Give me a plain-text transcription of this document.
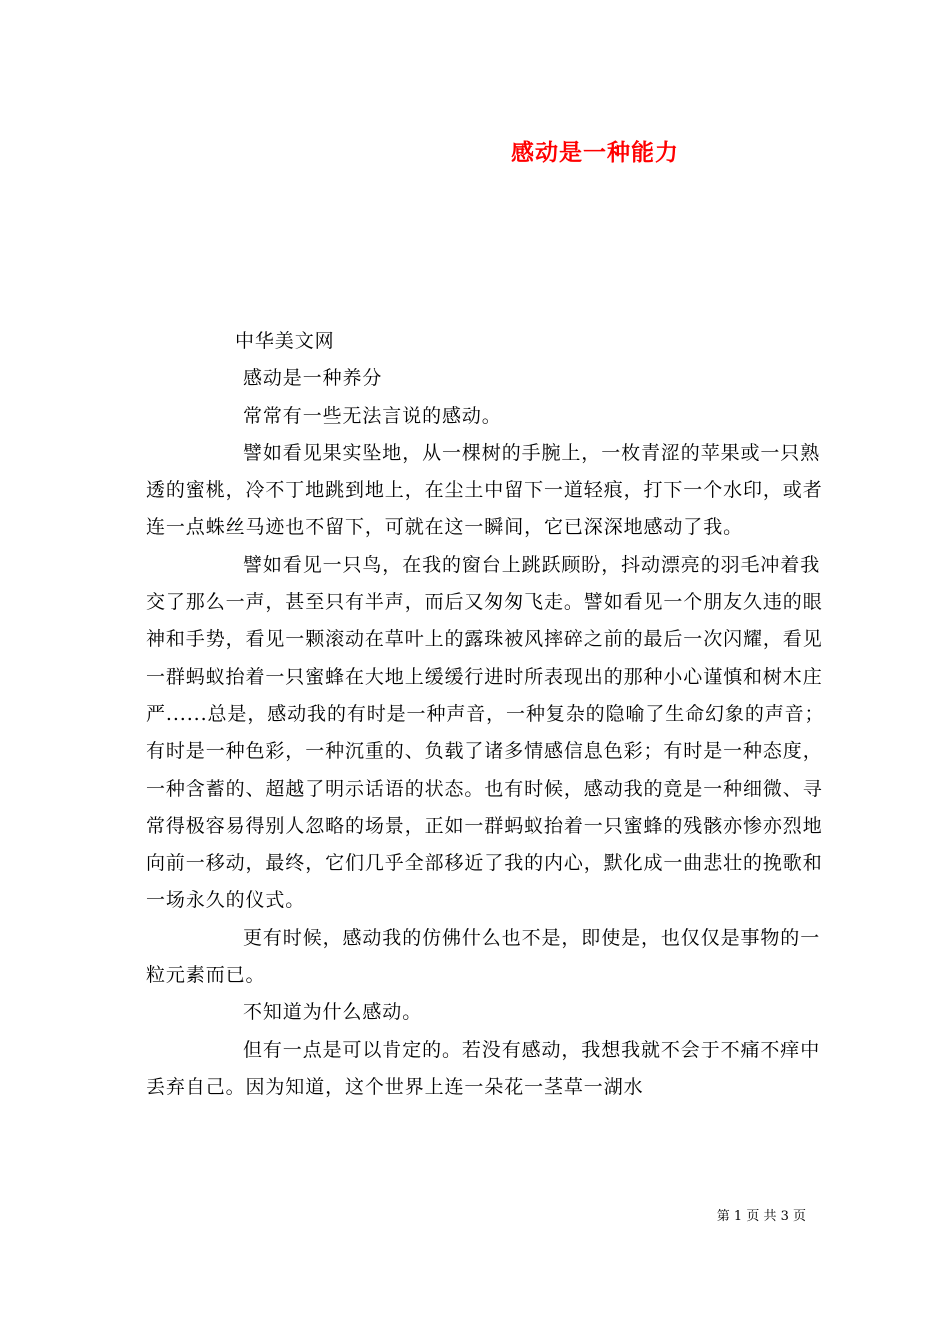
感动是一种能力

中华美文网

感动是一种养分

常常有一些无法言说的感动。

譬如看见果实坠地，从一棵树的手腕上，一枚青涩的苹果或一只熟透的蜜桃，冷不丁地跳到地上，在尘土中留下一道轻痕，打下一个水印，或者连一点蛛丝马迹也不留下，可就在这一瞬间，它已深深地感动了我。

譬如看见一只鸟，在我的窗台上跳跃顾盼，抖动漂亮的羽毛冲着我交了那么一声，甚至只有半声，而后又匆匆飞走。譬如看见一个朋友久违的眼神和手势，看见一颗滚动在草叶上的露珠被风摔碎之前的最后一次闪耀，看见一群蚂蚁抬着一只蜜蜂在大地上缓缓行进时所表现出的那种小心谨慎和树木庄严......总是，感动我的有时是一种声音，一种复杂的隐喻了生命幻象的声音；有时是一种色彩，一种沉重的、负载了诸多情感信息色彩；有时是一种态度，一种含蓄的、超越了明示话语的状态。也有时候，感动我的竟是一种细微、寻常得极容易得别人忽略的场景，正如一群蚂蚁抬着一只蜜蜂的残骸亦惨亦烈地向前一移动，最终，它们几乎全部移近了我的内心，默化成一曲悲壮的挽歌和一场永久的仪式。

更有时候，感动我的仿佛什么也不是，即使是，也仅仅是事物的一粒元素而已。

不知道为什么感动。

但有一点是可以肯定的。若没有感动，我想我就不会于不痛不痒中丢弃自己。因为知道，这个世界上连一朵花一茎草一湖水

第 1 页 共 3 页
